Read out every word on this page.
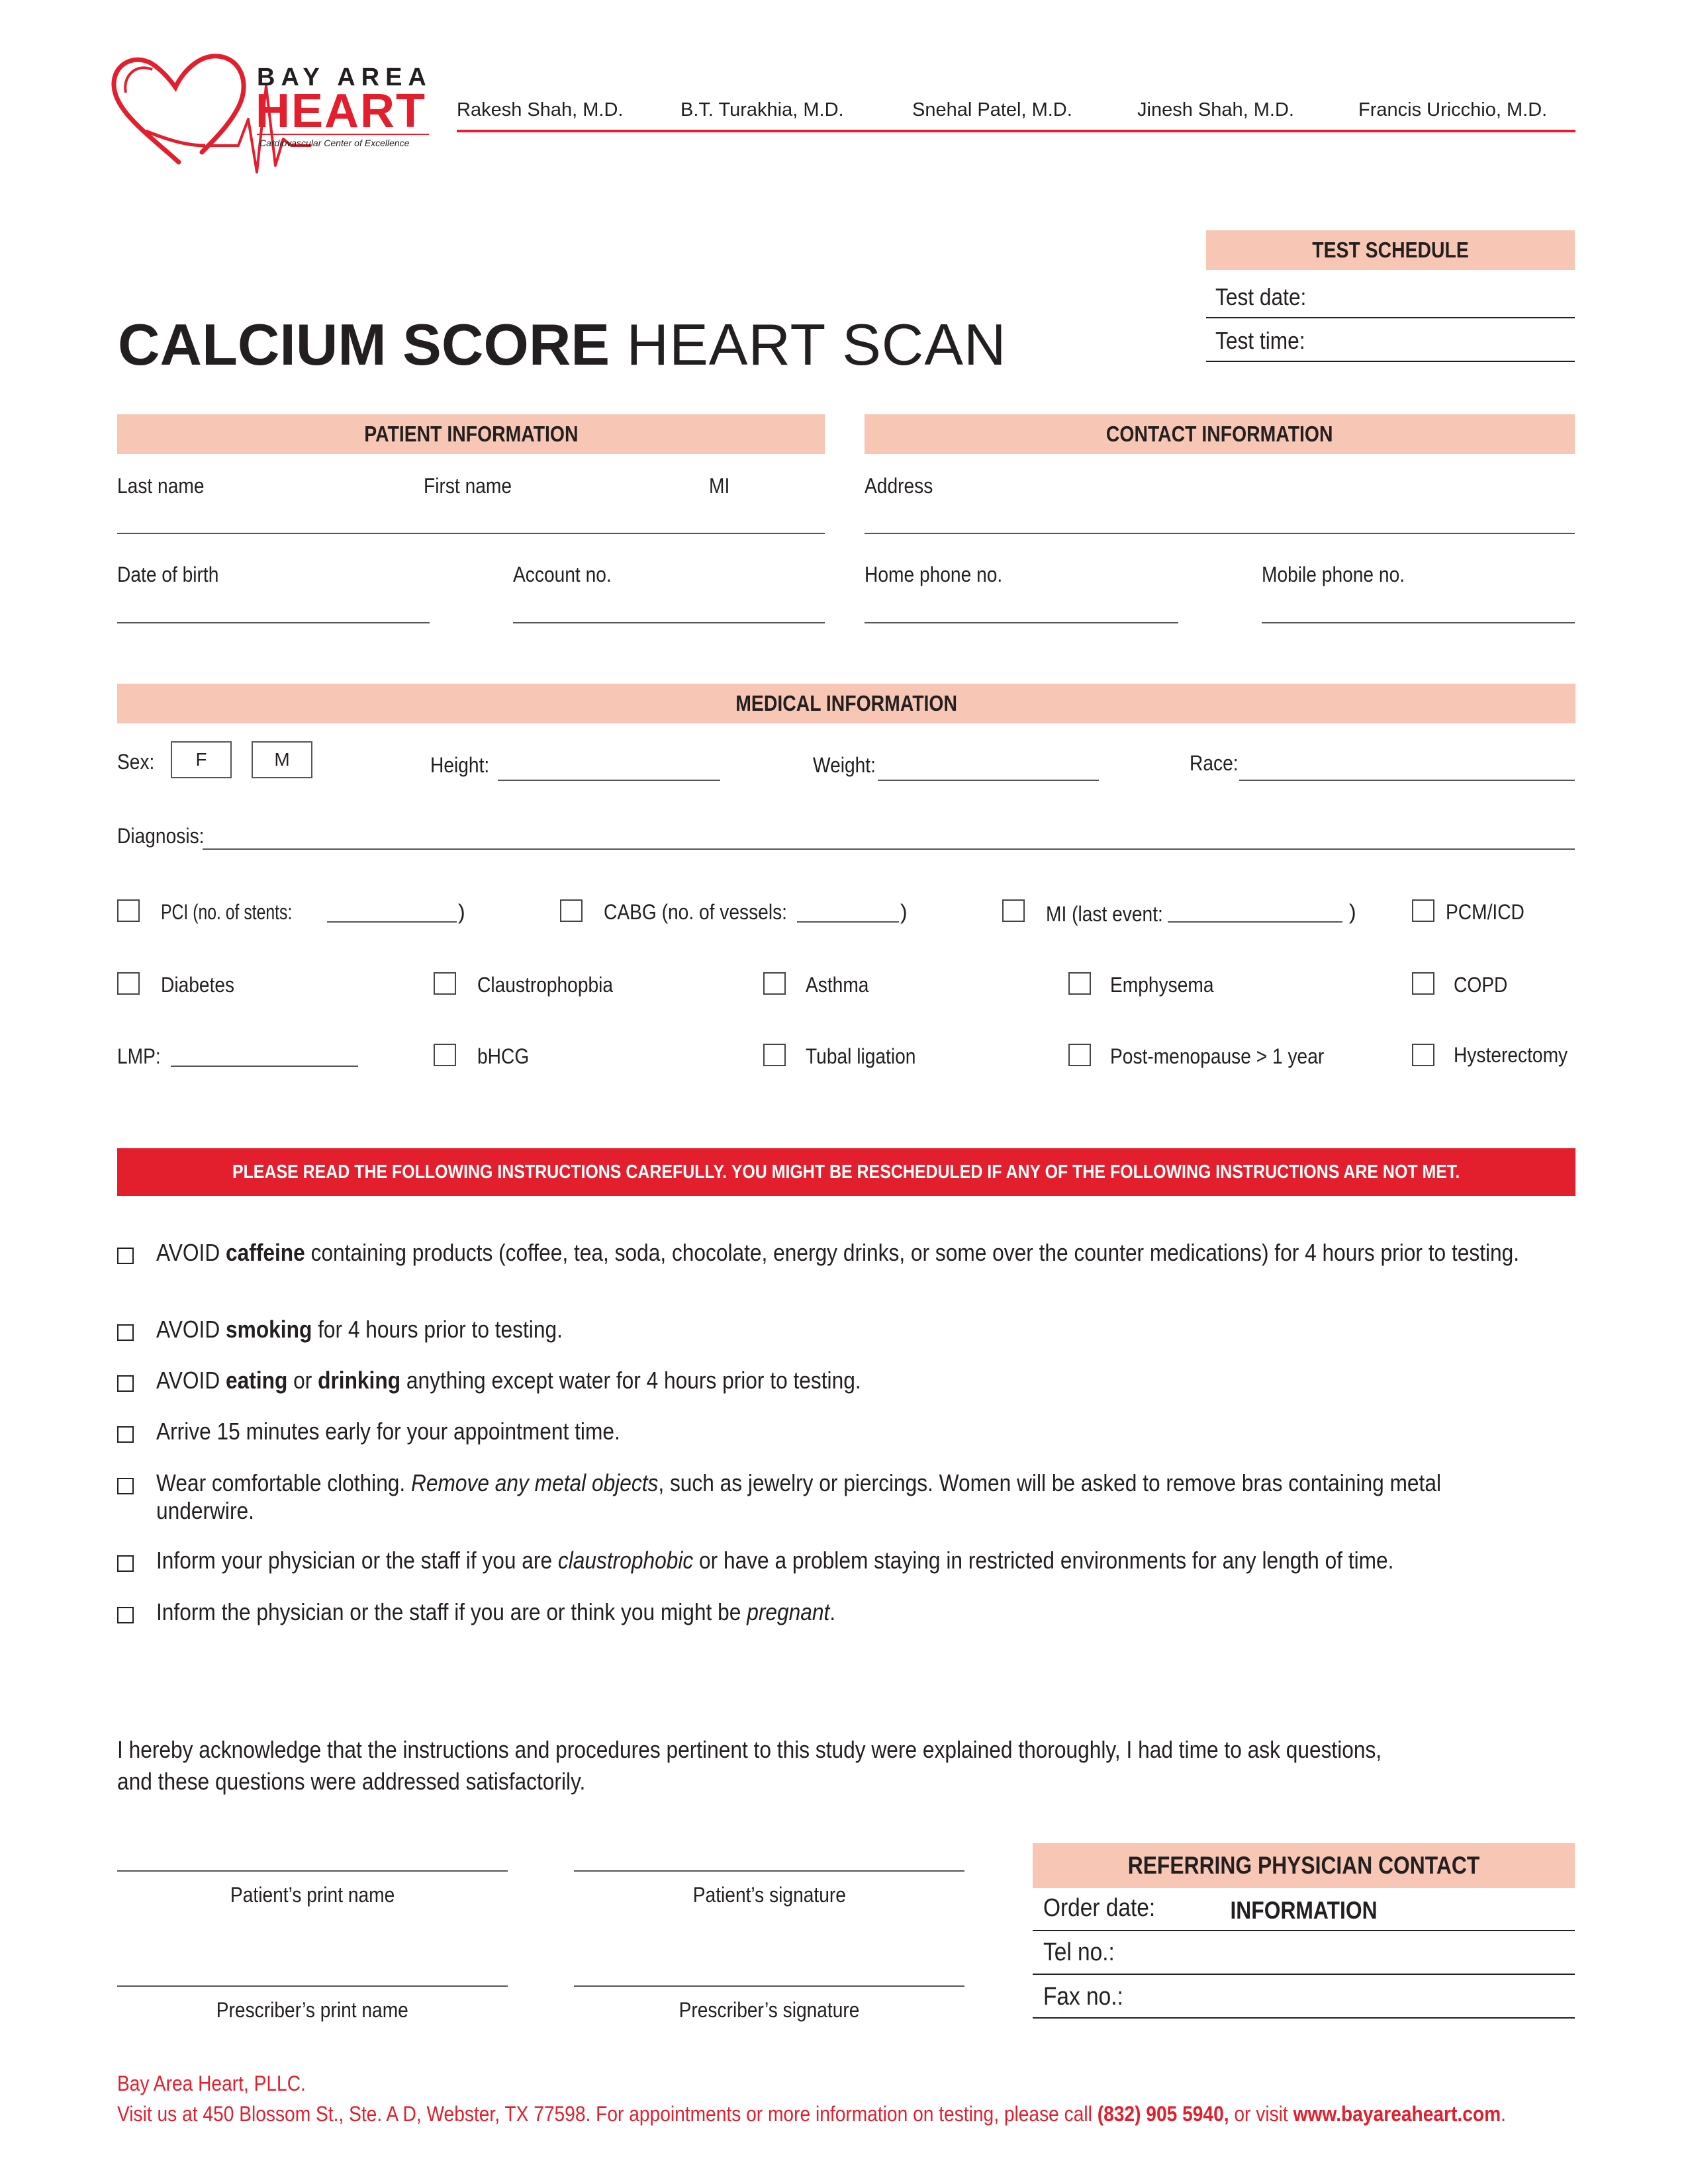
BAY AREA
HEART
Cardiovascular Center of Excellence
Rakesh Shah, M.D.	B.T. Turakhia, M.D.	Snehal Patel, M.D.	Jinesh Shah, M.D.	Francis Uricchio, M.D.
TEST SCHEDULE
Test date:
Test time:
CALCIUM SCORE HEART SCAN
PATIENT INFORMATION
Last name	First name	MI
Date of birth	Account no.
CONTACT INFORMATION
Address
Home phone no.	Mobile phone no.
MEDICAL INFORMATION
Sex:	F	M	Height:	Weight:	Race:
Diagnosis:
PCI (no. of stents:	)	CABG (no. of vessels:	)	MI (last event:	)	PCM/ICD
Diabetes	Claustrophopbia	Asthma	Emphysema	COPD
LMP:	bHCG	Tubal ligation	Post-menopause > 1 year	Hysterectomy
PLEASE READ THE FOLLOWING INSTRUCTIONS CAREFULLY. YOU MIGHT BE RESCHEDULED IF ANY OF THE FOLLOWING INSTRUCTIONS ARE NOT MET.
AVOID caffeine containing products (coffee, tea, soda, chocolate, energy drinks, or some over the counter medications) for 4 hours prior to testing.
AVOID smoking for 4 hours prior to testing.
AVOID eating or drinking anything except water for 4 hours prior to testing.
Arrive 15 minutes early for your appointment time.
Wear comfortable clothing. Remove any metal objects, such as jewelry or piercings. Women will be asked to remove bras containing metal underwire.
Inform your physician or the staff if you are claustrophobic or have a problem staying in restricted environments for any length of time.
Inform the physician or the staff if you are or think you might be pregnant.
I hereby acknowledge that the instructions and procedures pertinent to this study were explained thoroughly, I had time to ask questions,
and these questions were addressed satisfactorily.
Patient’s print name	Patient’s signature
Prescriber’s print name	Prescriber’s signature
REFERRING PHYSICIAN CONTACT INFORMATION
Order date:
Tel no.:
Fax no.:
Bay Area Heart, PLLC.
Visit us at 450 Blossom St., Ste. A D, Webster, TX 77598. For appointments or more information on testing, please call (832) 905 5940, or visit www.bayareaheart.com.
